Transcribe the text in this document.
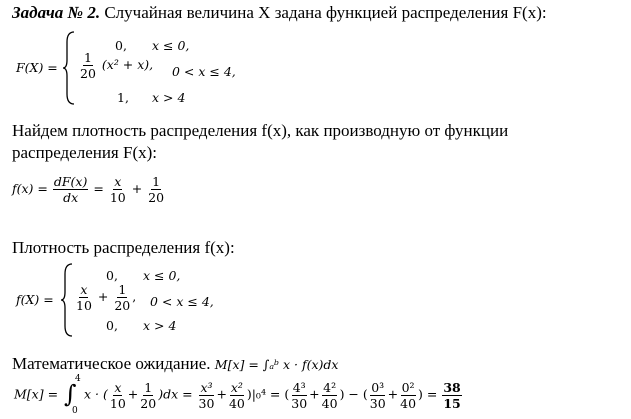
Задача № 2. Случайная величина X задана функцией распределения F(x):
F(X) =
0, x ≤ 0,
$\frac{1}{20} (x^2 + x)$, 0 < x ≤ 4,
1, x > 4
Найдем плотность распределения f(x), как производную от функции
распределения F(x):
$f(x) = \frac{dF(x)}{dx} = \frac{x}{10} + \frac{1}{20}$
Плотность распределения f(x):
f(X) =
0, x ≤ 0,
$\frac{x}{10} + \frac{1}{20}$ , 0 < x ≤ 4,
0, x > 4
Математическое ожидание. M[x] = ∫ₐᵇ x · f(x)dx
M[x] = ∫
4
0
x · ( $\frac{x}{10} + \frac{1}{20} )dx = \frac{\text{x³}}{30} + \frac{\text{x²}}{40} )|_0^4$ = ( $\frac{\text{4³}}{30} + \frac{\text{4²}}{40}$ ) − ( $\frac{\text{0³}}{30} + \frac{\text{0²}}{40}$ ) = $\frac{38}{15}$
